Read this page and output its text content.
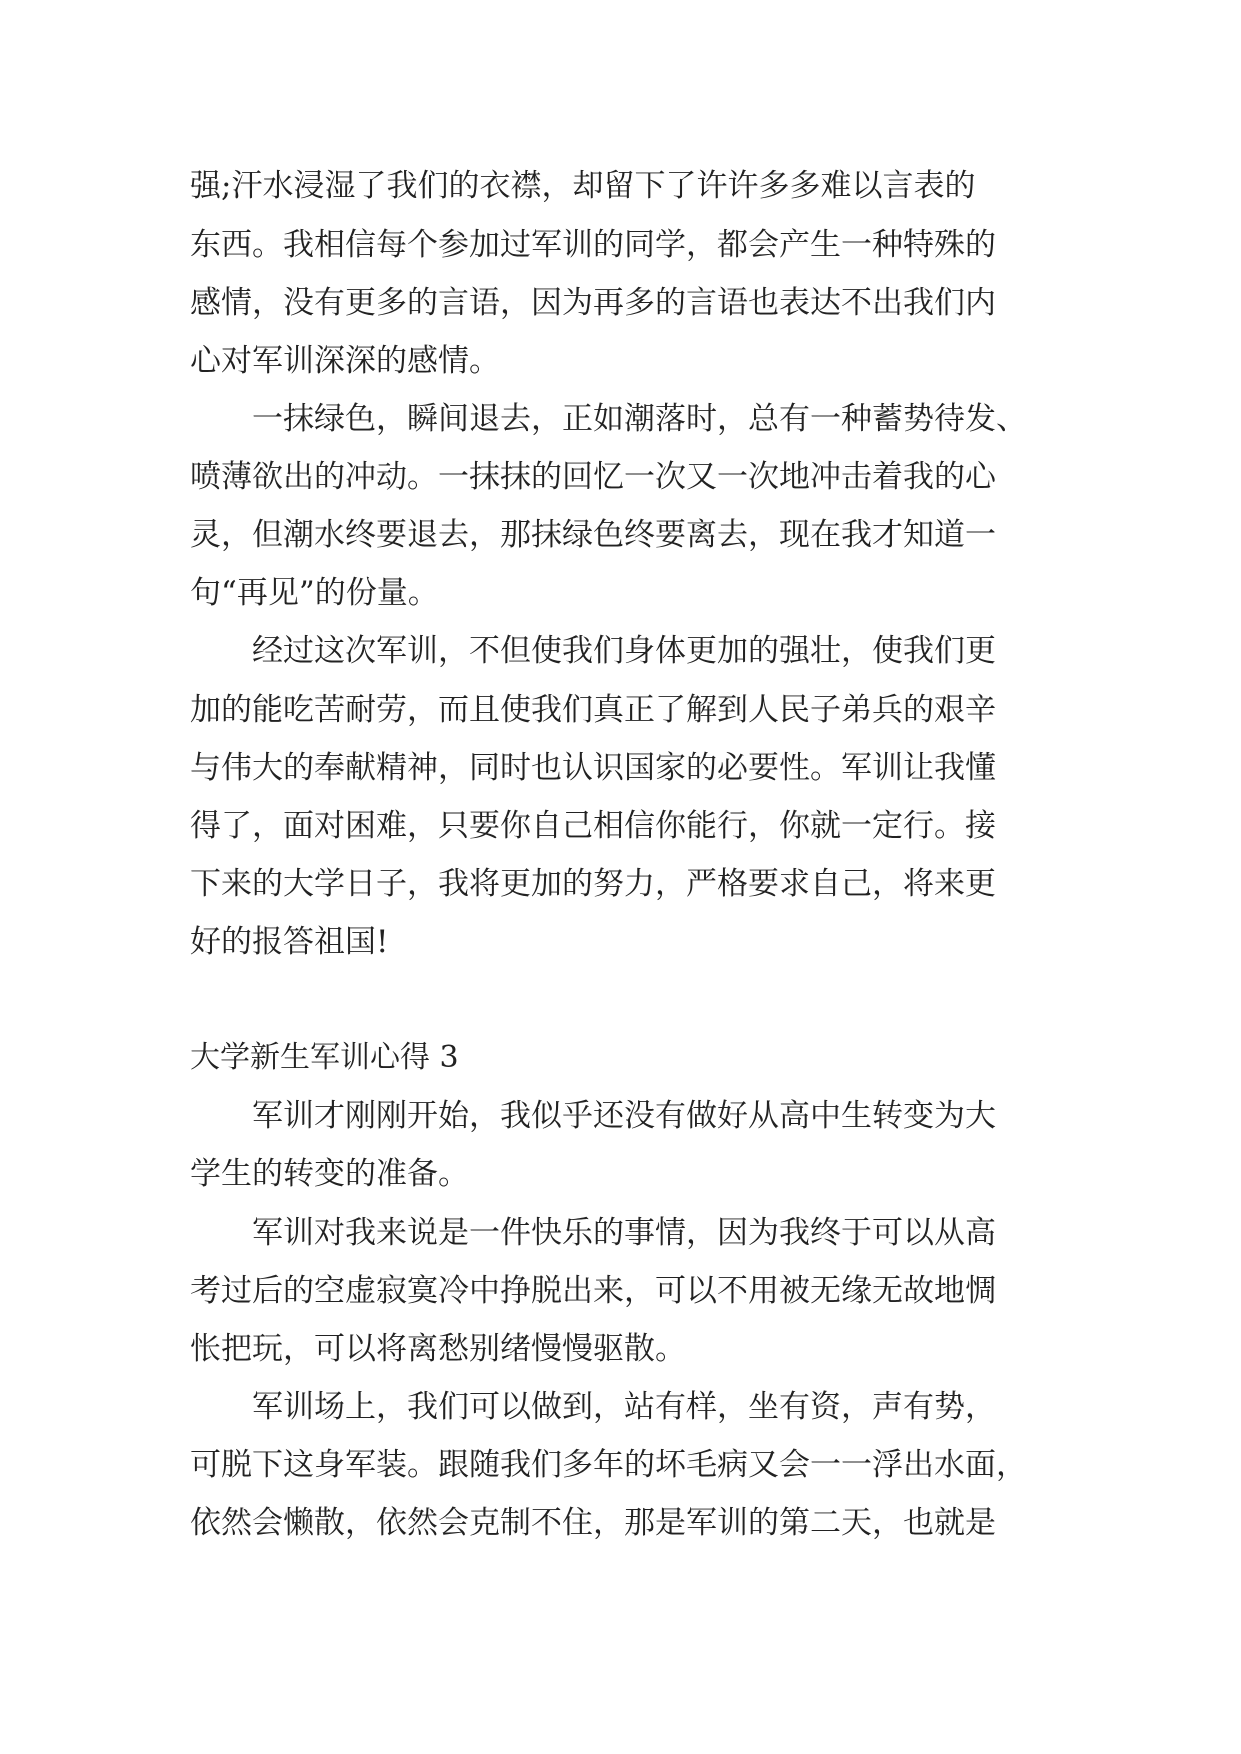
强;汗水浸湿了我们的衣襟，却留下了许许多多难以言表的

东西。我相信每个参加过军训的同学，都会产生一种特殊的

感情，没有更多的言语，因为再多的言语也表达不出我们内

心对军训深深的感情。

一抹绿色，瞬间退去，正如潮落时，总有一种蓄势待发、

喷薄欲出的冲动。一抹抹的回忆一次又一次地冲击着我的心

灵，但潮水终要退去，那抹绿色终要离去，现在我才知道一

句“再见”的份量。

经过这次军训，不但使我们身体更加的强壮，使我们更

加的能吃苦耐劳，而且使我们真正了解到人民子弟兵的艰辛

与伟大的奉献精神，同时也认识国家的必要性。军训让我懂

得了，面对困难，只要你自己相信你能行，你就一定行。接

下来的大学日子，我将更加的努力，严格要求自己，将来更

好的报答祖国!

大学新生军训心得 3

军训才刚刚开始，我似乎还没有做好从高中生转变为大

学生的转变的准备。

军训对我来说是一件快乐的事情，因为我终于可以从高

考过后的空虚寂寞冷中挣脱出来，可以不用被无缘无故地惆

怅把玩，可以将离愁别绪慢慢驱散。

军训场上，我们可以做到，站有样，坐有资，声有势，

可脱下这身军装。跟随我们多年的坏毛病又会一一浮出水面，

依然会懒散，依然会克制不住，那是军训的第二天，也就是
